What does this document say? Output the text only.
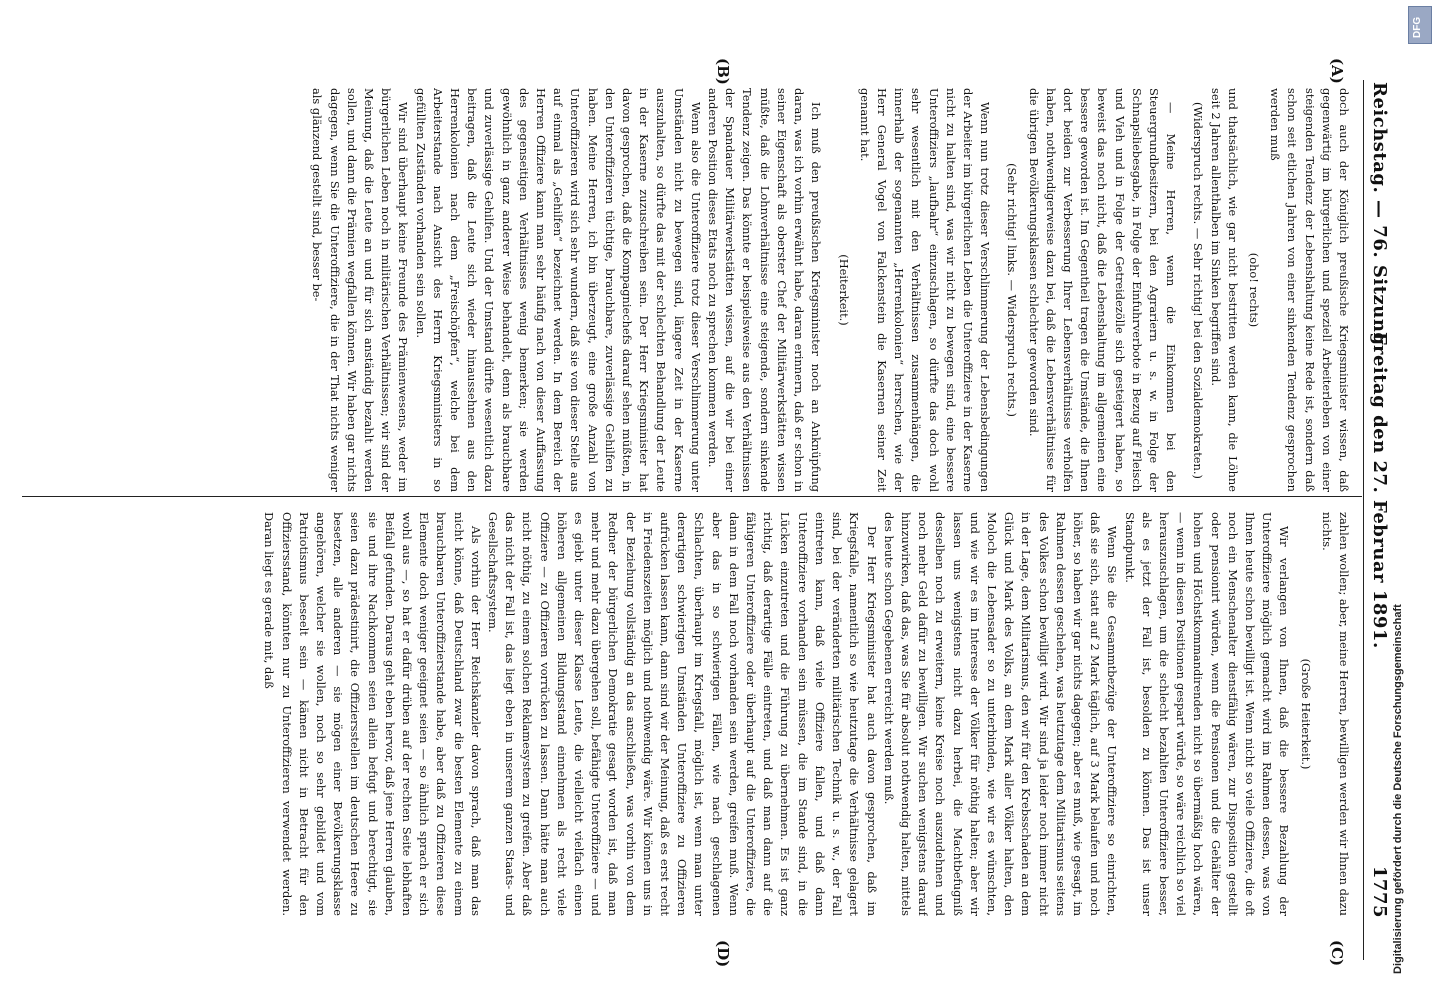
Reichstag. — 76. Sitzung.
Freitag den 27. Februar 1891.
1775
(A)
(B)
(C)
(D)

doch auch der Königlich preußische Kriegsminister wissen, daß gegenwärtig im bürgerlichen und speziell Arbeiterleben von einer steigenden Tendenz der Lebenshaltung keine Rede ist, sondern daß schon seit etlichen Jahren von einer sinkenden Tendenz gesprochen werden muß

(oho! rechts)

und thatsächlich, wie gar nicht bestritten werden kann, die Löhne seit 2 Jahren allenthalben im Sinken begriffen sind.

(Widerspruch rechts. — Sehr richtig! bei den Sozialdemokraten.)

— Meine Herren, wenn die Einkommen bei den Steuergrundbesitzern, bei den Agrariern u. s. w. in Folge der Schnapsliebesgabe, in Folge der Einfuhrverbote in Bezug auf Fleisch und Vieh und in Folge der Getreidezölle sich gesteigert haben, so beweist das noch nicht, daß die Lebenshaltung im allgemeinen eine bessere geworden ist. Im Gegentheil tragen die Umstände, die Ihnen dort beiden zur Verbesserung Ihrer Lebensverhältnisse verholfen haben, nothwendigerweise dazu bei, daß die Lebensverhältnisse für die übrigen Bevölkerungsklassen schlechter geworden sind.

(Sehr richtig! links. — Widerspruch rechts.)

Wenn nun trotz dieser Verschlimmerung der Lebensbedingungen der Arbeiter im bürgerlichen Leben die Unteroffiziere in der Kaserne nicht zu halten sind, was wir nicht zu bewegen sind, eine bessere Unteroffiziers „laufbahr“ einzuschlagen, so dürfte das doch wohl sehr wesentlich mit den Verhältnissen zusammenhängen, die innerhalb der sogenannten „Herrenkolonien“ herrschen, wie der Herr General Vogel von Falckenstein die Kasernen seiner Zeit genannt hat.

(Heiterkeit.)

Ich muß den preußischen Kriegsminister noch an Anknüpfung daran, was ich vorhin erwähnt habe, daran erinnern, daß er schon in seiner Eigenschaft als oberster Chef der Militärwerkstätten wissen müßte, daß die Lohnverhältnisse eine steigende, sondern sinkende Tendenz zeigen. Das könnte er beispielsweise aus den Verhältnissen der Spandauer Militärwerkstätten wissen, auf die wir bei einer anderen Position dieses Etats noch zu sprechen kommen werden.

Wenn also die Unteroffiziere trotz dieser Verschlimmerung unter Umständen nicht zu bewegen sind, längere Zeit in der Kaserne auszuhalten, so dürfte das mit der schlechten Behandlung der Leute in der Kaserne zuzuschreiben sein. Der Herr Kriegsminister hat davon gesprochen, daß die Kompagniechefs darauf sehen müßten, in den Unteroffizieren tüchtige, brauchbare, zuverlässige Gehilfen zu haben. Meine Herren, ich bin überzeugt, eine große Anzahl von Unteroffizieren wird sich sehr wundern, daß sie von dieser Stelle aus auf einmal als „Gehilfen“ bezeichnet werden. In dem Bereich der Herren Offiziere kann man sehr häufig nach von dieser Auffassung des gegenseitigen Verhältnisses wenig bemerken; sie werden gewöhnlich in ganz anderer Weise behandelt, denn als brauchbare und zuverlässige Gehilfen. Und der Umstand dürfte wesentlich dazu beitragen, daß die Leute sich wieder hinaussehnen aus den Herrenkolonien nach dem „Freischöpfen“, welche bei dem Arbeiterstande nach Ansicht des Herrn Kriegsministers in so gefüllten Zuständen vorhanden sein sollen.

Wir sind überhaupt keine Freunde des Prämienwesens, weder im bürgerlichen Leben noch in militärischen Verhältnissen; wir sind der Meinung, daß die Leute an und für sich anständig bezahlt werden sollen, und dann die Prämien wegfallen können. Wir haben gar nichts dagegen, wenn Sie die Unteroffiziere, die in der That nichts weniger als glänzend gestellt sind, besser be-

zahlen wollen; aber, meine Herren, bewilligen werden wir Ihnen dazu nichts.

(Große Heiterkeit.)

Wir verlangen von Ihnen, daß die bessere Bezahlung der Unteroffiziere möglich gemacht wird im Rahmen dessen, was von Ihnen heute schon bewilligt ist. Wenn nicht so viele Offiziere, die oft noch ein Menschenalter dienstfähig wären, zur Disposition gestellt oder pensionirt würden, wenn die Pensionen und die Gehälter der hohen und Höchstkommandirenden nicht so übermäßig hoch wären, — wenn in diesen Positionen gespart würde, so wäre reichlich so viel herauszuschlagen, um die schlecht bezahlten Unteroffiziere besser, als es jetzt der Fall ist, besolden zu können. Das ist unser Standpunkt.

Wenn Sie die Gesammtbezüge der Unteroffiziere so einrichten, daß sie sich, statt auf 2 Mark täglich, auf 3 Mark belaufen und noch höher, so haben wir gar nichts dagegen; aber es muß, wie gesagt, im Rahmen dessen geschehen, was heutzutage dem Militarismus seitens des Volkes schon bewilligt wird. Wir sind ja leider noch immer nicht in der Lage, dem Militarismus, den wir für den Krebsschaden an dem Glück und Mark des Volks, an dem Mark aller Völker halten, den Moloch die Lebensader so zu unterbinden, wie wir es wünschten, und wie wir es im Interesse der Völker für nöthig halten; aber wir lassen uns wenigstens nicht dazu herbei, die Machtbefugniß desselben noch zu erweitern, keine Kreise noch auszudehnen und noch mehr Geld dafür zu bewilligen. Wir suchen wenigstens darauf hinzuwirken, daß das, was Sie für absolut nothwendig halten, mittels des heute schon Gegebenen erreicht werden muß.

Der Herr Kriegsminister hat auch davon gesprochen, daß im Kriegsfalle, namentlich so wie heutzutage die Verhältnisse gelagert sind, bei der veränderten militärischen Technik u. s. w., der Fall eintreten kann, daß viele Offiziere fallen, und daß dann Unteroffiziere vorhanden sein müssen, die im Stande sind, in die Lücken einzutreten und die Führung zu übernehmen. Es ist ganz richtig, daß derartige Fälle eintreten, und daß man dann auf die fähigeren Unteroffiziere oder überhaupt auf die Unteroffiziere, die dann in dem Fall noch vorhanden sein werden, greifen muß. Wenn aber das in so schwierigen Fällen, wie nach geschlagenen Schlachten, überhaupt im Kriegsfall, möglich ist, wenn man unter derartigen schwierigen Umständen Unteroffiziere zu Offizieren aufrücken lassen kann, dann sind wir der Meinung, daß es erst recht in Friedenszeiten möglich und nothwendig wäre. Wir können uns in der Beziehung vollständig an das anschließen, was vorhin von dem Redner der bürgerlichen Demokratie gesagt worden ist, daß man mehr und mehr dazu übergehen soll, befähigte Unteroffiziere — und es giebt unter dieser Klasse Leute, die vielleicht vielfach einen höheren allgemeinen Bildungsstand einnehmen als recht viele Offiziere — zu Offizieren vorrücken zu lassen. Dann hätte man auch nicht nöthig, zu einem solchen Reklamesystem zu greifen. Aber daß das nicht der Fall ist, das liegt eben in unserem ganzen Staats- und Gesellschaftssystem.

Als vorhin der Herr Reichskanzler davon sprach, daß man das nicht könne, daß Deutschland zwar die besten Elemente zu einem brauchbaren Unteroffizierstande habe, aber daß zu Offizieren diese Elemente doch weniger geeignet seien — so ähnlich sprach er sich wohl aus —, so hat er dafür drüben auf der rechten Seite lebhaften Beifall gefunden. Daraus geht eben hervor, daß jene Herren glauben, sie und ihre Nachkommen seien allein befugt und berechtigt, sie seien dazu prädestinirt, die Offiziersstellen im deutschen Heere zu besetzen, alle anderen — sie mögen einer Bevölkerungsklasse angehören, welcher sie wollen, noch so sehr gebildet und vom Patriotismus beseelt sein — kämen nicht in Betracht für den Offiziersstand, könnten nur zu Unteroffizieren verwendet werden. Daran liegt es gerade mit, daß

Digitalisierung gefördert durch die Deutsche Forschungsgemeinschaft
DFG
